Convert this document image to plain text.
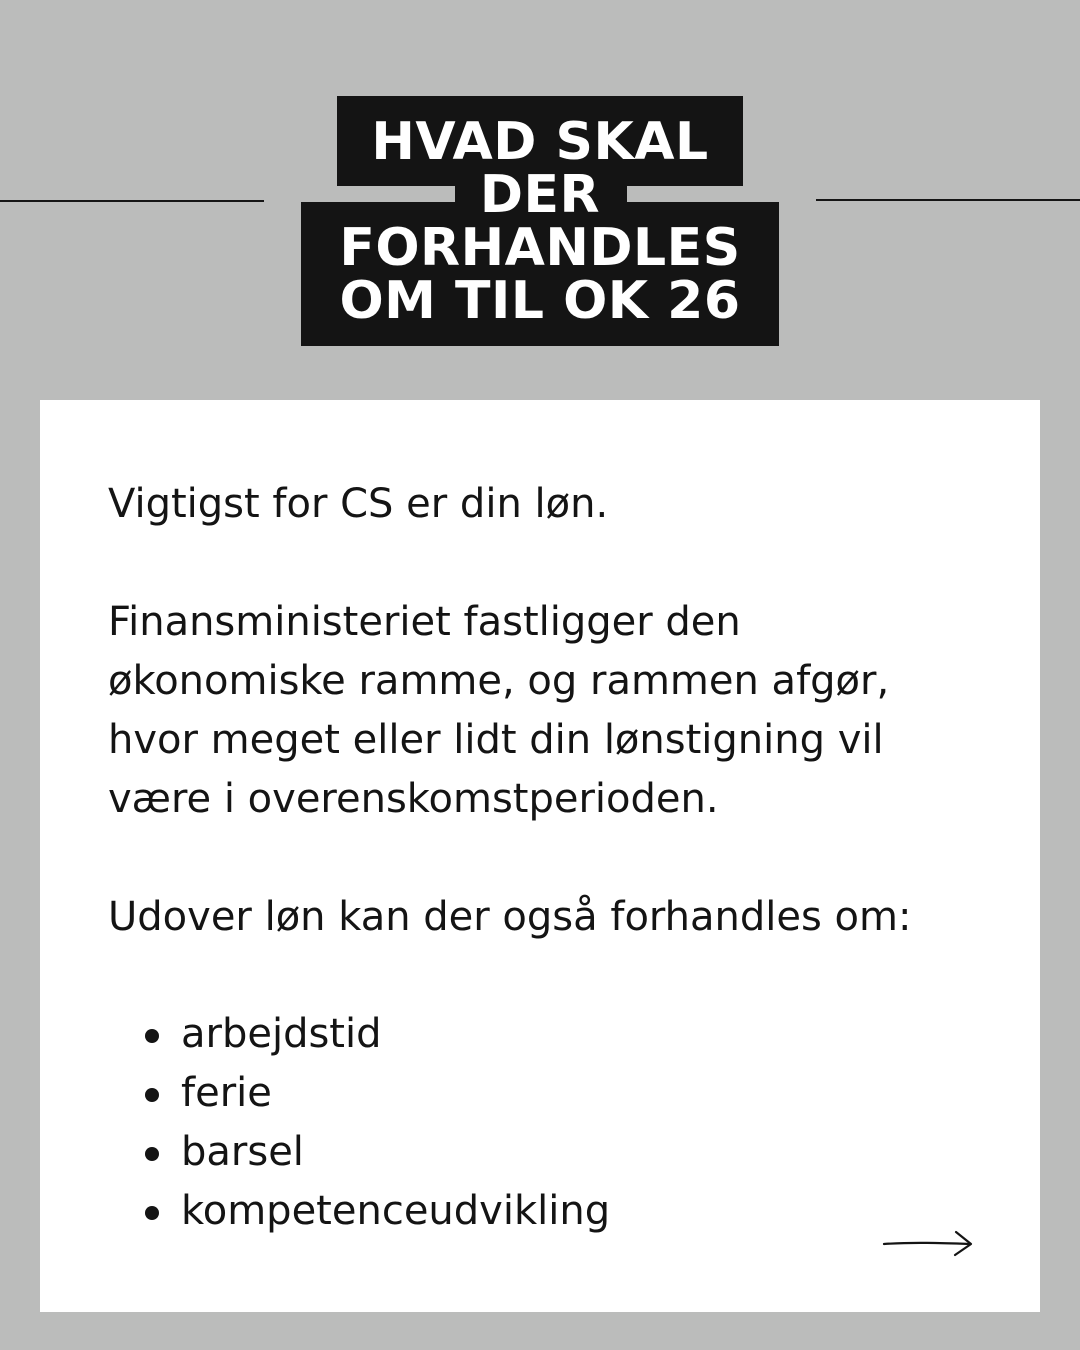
HVAD SKAL
DER
FORHANDLES
OM TIL OK 26
Vigtigst for CS er din løn.
Finansministeriet fastligger den
økonomiske ramme, og rammen afgør,
hvor meget eller lidt din lønstigning vil
være i overenskomstperioden.
Udover løn kan der også forhandles om:
arbejdstid
ferie
barsel
kompetenceudvikling
